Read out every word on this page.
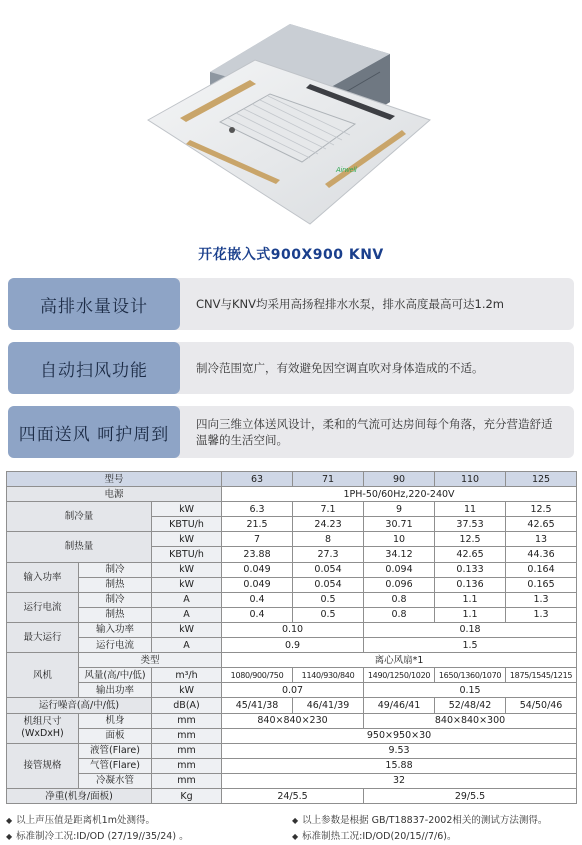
Airwell
开花嵌入式900X900 KNV
高排水量设计	CNV与KNV均采用高扬程排水水泵，排水高度最高可达1.2m
自动扫风功能	制冷范围宽广，有效避免因空调直吹对身体造成的不适。
四面送风 呵护周到
四向三维立体送风设计，柔和的气流可达房间每个角落，充分营造舒适温馨的生活空间。
型号			63	71	90	110	125
电源			1PH-50/60Hz,220-240V				
制冷量		kW	6.3	7.1	9	11	12.5
		KBTU/h	21.5	24.23	30.71	37.53	42.65
制热量		kW	7	8	10	12.5	13
		KBTU/h	23.88	27.3	34.12	42.65	44.36
输入功率	制冷	kW	0.049	0.054	0.094	0.133	0.164
	制热	kW	0.049	0.054	0.096	0.136	0.165
运行电流	制冷	A	0.4	0.5	0.8	1.1	1.3
	制热	A	0.4	0.5	0.8	1.1	1.3
最大运行	输入功率	kW	0.10		0.18		
	运行电流	A	0.9		1.5		
风机	类型		离心风扇*1				
	风量(高/中/低)	m³/h	1080/900/750	1140/930/840	1490/1250/1020	1650/1360/1070	1875/1545/1215
	输出功率	kW	0.07		0.15		
运行噪音(高/中/低)		dB(A)	45/41/38	46/41/39	49/46/41	52/48/42	54/50/46
机组尺寸
(WxDxH)	机身	mm	840×840×230		840×840×300		
	面板	mm	950×950×30				
接管规格	液管(Flare)	mm	9.53				
	气管(Flare)	mm	15.88				
	冷凝水管	mm	32				
净重(机身/面板)		Kg	24/5.5		29/5.5		
◆ 以上声压值是距离机1m处测得。	◆ 以上参数是根据 GB/T18837-2002相关的测试方法测得。
◆ 标准制冷工况:ID/OD (27/19//35/24) 。	◆ 标准制热工况:ID/OD(20/15//7/6)。
